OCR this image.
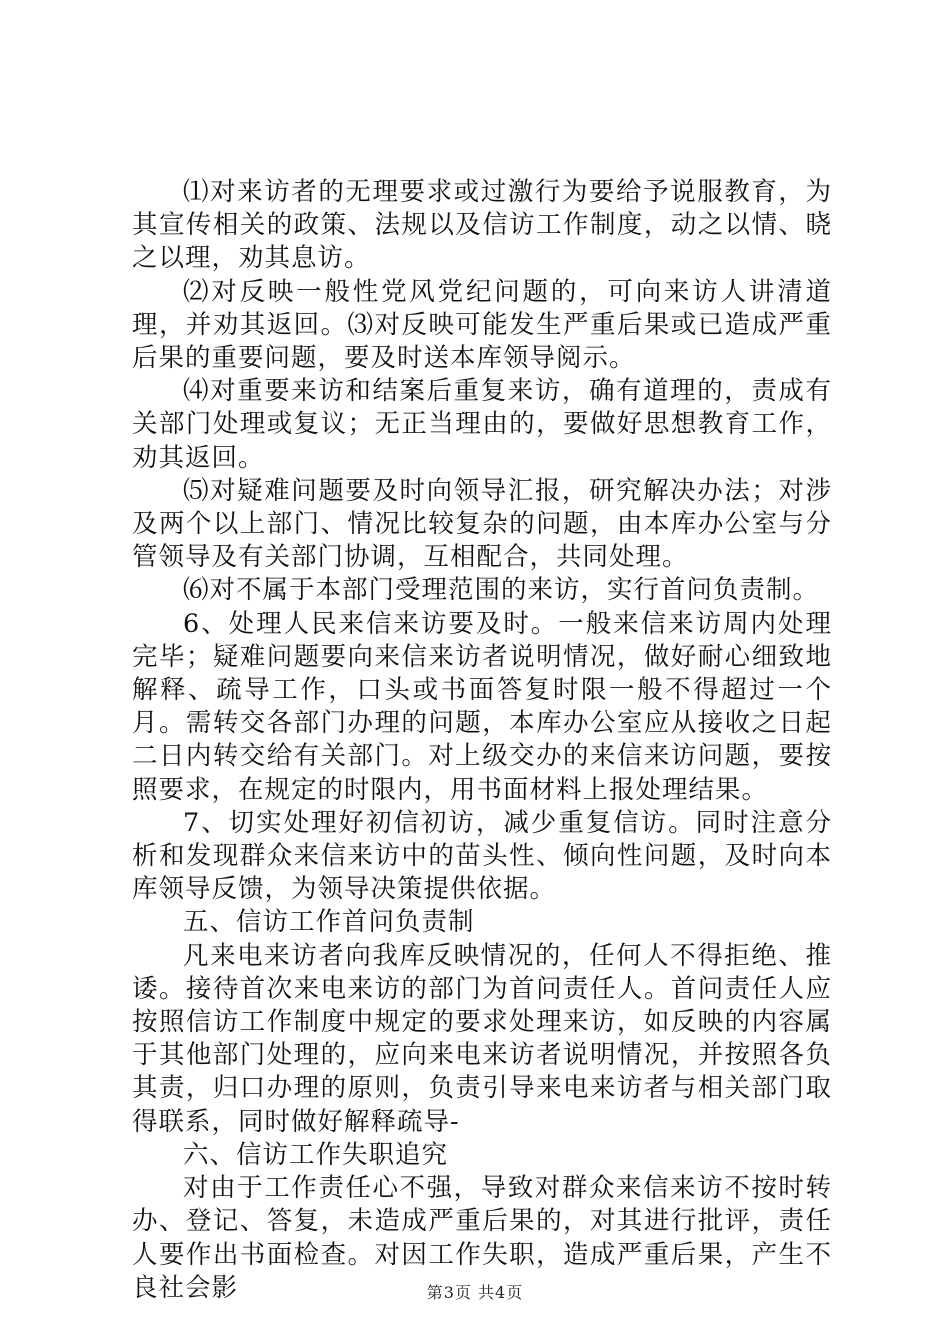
⑴对来访者的无理要求或过激行为要给予说服教育，为其宣传相关的政策、法规以及信访工作制度，动之以情、晓之以理，劝其息访。

⑵对反映一般性党风党纪问题的，可向来访人讲清道理，并劝其返回。⑶对反映可能发生严重后果或已造成严重后果的重要问题，要及时送本库领导阅示。

⑷对重要来访和结案后重复来访，确有道理的，责成有关部门处理或复议；无正当理由的，要做好思想教育工作，劝其返回。

⑸对疑难问题要及时向领导汇报，研究解决办法；对涉及两个以上部门、情况比较复杂的问题，由本库办公室与分管领导及有关部门协调，互相配合，共同处理。

⑹对不属于本部门受理范围的来访，实行首问负责制。

6、处理人民来信来访要及时。一般来信来访周内处理完毕；疑难问题要向来信来访者说明情况，做好耐心细致地解释、疏导工作，口头或书面答复时限一般不得超过一个月。需转交各部门办理的问题，本库办公室应从接收之日起二日内转交给有关部门。对上级交办的来信来访问题，要按照要求，在规定的时限内，用书面材料上报处理结果。

7、切实处理好初信初访，减少重复信访。同时注意分析和发现群众来信来访中的苗头性、倾向性问题，及时向本库领导反馈，为领导决策提供依据。

五、信访工作首问负责制

凡来电来访者向我库反映情况的，任何人不得拒绝、推诿。接待首次来电来访的部门为首问责任人。首问责任人应按照信访工作制度中规定的要求处理来访，如反映的内容属于其他部门处理的，应向来电来访者说明情况，并按照各负其责，归口办理的原则，负责引导来电来访者与相关部门取得联系，同时做好解释疏导-

六、信访工作失职追究

对由于工作责任心不强，导致对群众来信来访不按时转办、登记、答复，未造成严重后果的，对其进行批评，责任人要作出书面检查。对因工作失职，造成严重后果，产生不良社会影	第3页 共4页
